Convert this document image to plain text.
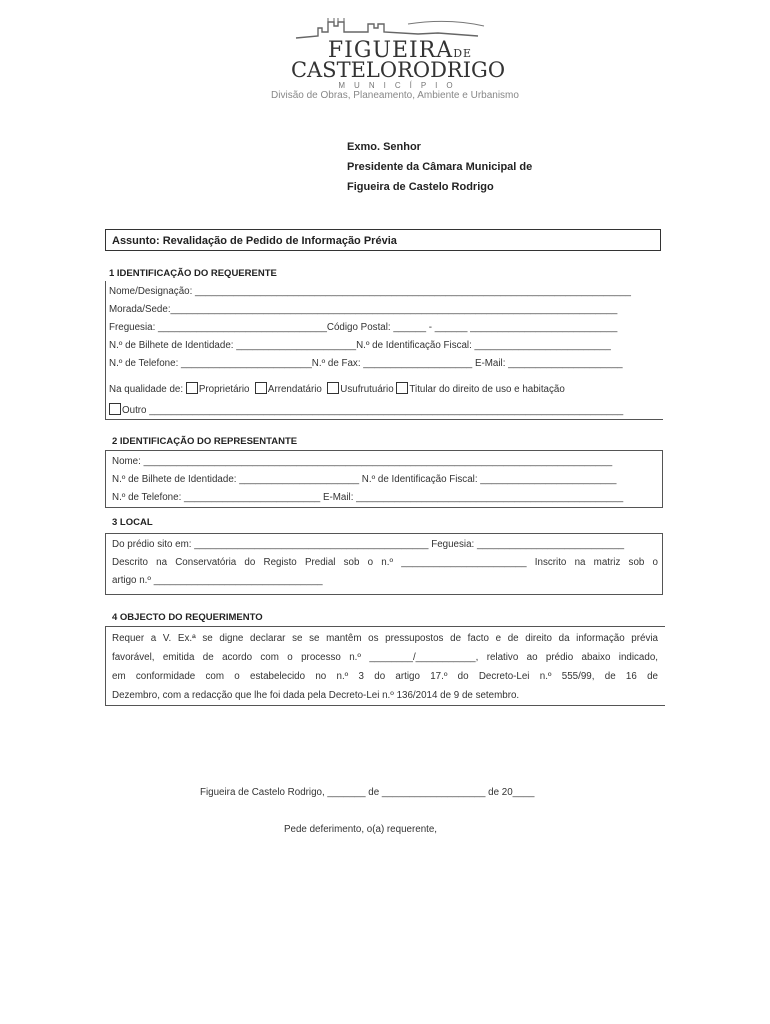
FIGUEIRADE
CASTELORODRIGO
MUNICÍPIO
Divisão de Obras, Planeamento, Ambiente e Urbanismo
Exmo. Senhor
Presidente da Câmara Municipal de
Figueira de Castelo Rodrigo
Assunto: Revalidação de Pedido de Informação Prévia
1 IDENTIFICAÇÃO DO REQUERENTE
Nome/Designação: ________________________________________________________________________________
Morada/Sede:__________________________________________________________________________________
Freguesia: _______________________________Código Postal: ______ - ______ ___________________________
N.º de Bilhete de Identidade: ______________________N.º de Identificação Fiscal: _________________________
N.º de Telefone: ________________________N.º de Fax: ____________________ E-Mail: _____________________
Na qualidade de: Proprietário Arrendatário Usufrutuário Titular do direito de uso e habitação
Outro _______________________________________________________________________________________
2 IDENTIFICAÇÃO DO REPRESENTANTE
Nome: ______________________________________________________________________________________
N.º de Bilhete de Identidade: ______________________ N.º de Identificação Fiscal: _________________________
N.º de Telefone: _________________________ E-Mail: _________________________________________________
3 LOCAL
Do prédio sito em: ___________________________________________ Feguesia: ___________________________
Descrito na Conservatória do Registo Predial sob o n.º _______________________ Inscrito na matriz sob o
artigo n.º _______________________________
4 OBJECTO DO REQUERIMENTO
Requer a V. Ex.ª se digne declarar se se mantêm os pressupostos de facto e de direito da informação prévia
favorável, emitida de acordo com o processo n.º ________/___________, relativo ao prédio abaixo indicado,
em conformidade com o estabelecido no n.º 3 do artigo 17.º do Decreto-Lei n.º 555/99, de 16 de
Dezembro, com a redacção que lhe foi dada pela Decreto-Lei n.º 136/2014 de 9 de setembro.
Figueira de Castelo Rodrigo, _______ de ___________________ de 20____
Pede deferimento, o(a) requerente,
